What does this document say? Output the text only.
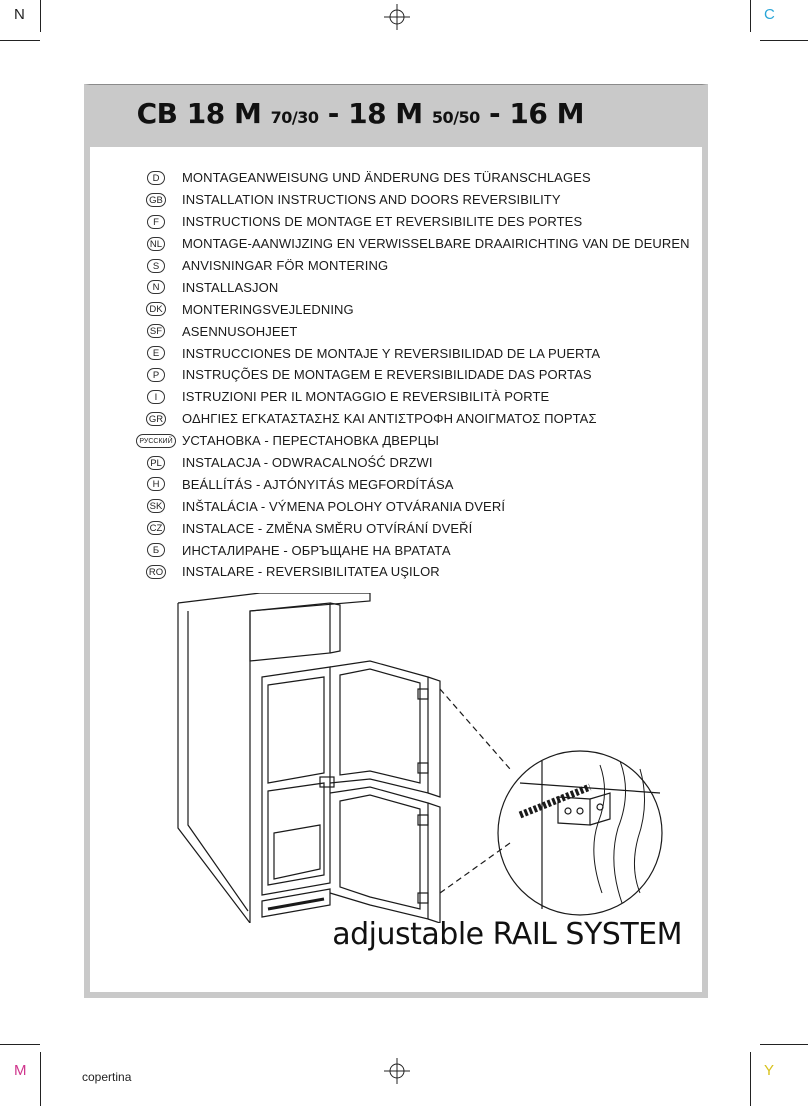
N	C
M	Y
CB 18 M 70/30 - 18 M 50/50 - 16 M
D	MONTAGEANWEISUNG UND ÄNDERUNG DES TÜRANSCHLAGES
GB INSTALLATION INSTRUCTIONS AND DOORS REVERSIBILITY
F	INSTRUCTIONS DE MONTAGE ET REVERSIBILITE DES PORTES
NL MONTAGE-AANWIJZING EN VERWISSELBARE DRAAIRICHTING VAN DE DEUREN
S	ANVISNINGAR FÖR MONTERING
N	INSTALLASJON
DK MONTERINGSVEJLEDNING
SF ASENNUSOHJEET
E	INSTRUCCIONES DE MONTAJE Y REVERSIBILIDAD DE LA PUERTA
P	INSTRUÇÕES DE MONTAGEM E REVERSIBILIDADE DAS PORTAS
I	ISTRUZIONI PER IL MONTAGGIO E REVERSIBILITÀ PORTE
GR ΟΔΗΓΙΕΣ ΕΓΚΑΤΑΣΤΑΣΗΣ ΚΑΙ ΑΝΤΙΣΤΡΟΦΗ ΑΝΟΙΓΜΑΤΟΣ ΠΟΡΤΑΣ
РУССКИЙ УСТАНОВКА - ПЕРЕСТАНОВКА ДВЕРЦЫ
PL INSTALACJA - ODWRACALNOŚĆ DRZWI
H	BEÁLLÍTÁS - AJTÓNYITÁS MEGFORDÍTÁSA
SK INŠTALÁCIA - VÝMENA POLOHY OTVÁRANIA DVERÍ
CZ INSTALACE - ZMĚNA SMĚRU OTVÍRÁNÍ DVEŘÍ
Б	ИНСТАЛИРАНЕ - ОБРЪЩАНЕ НА ВРАТАТА
RO INSTALARE - REVERSIBILITATEA UŞILOR
adjustable RAIL SYSTEM
copertina
